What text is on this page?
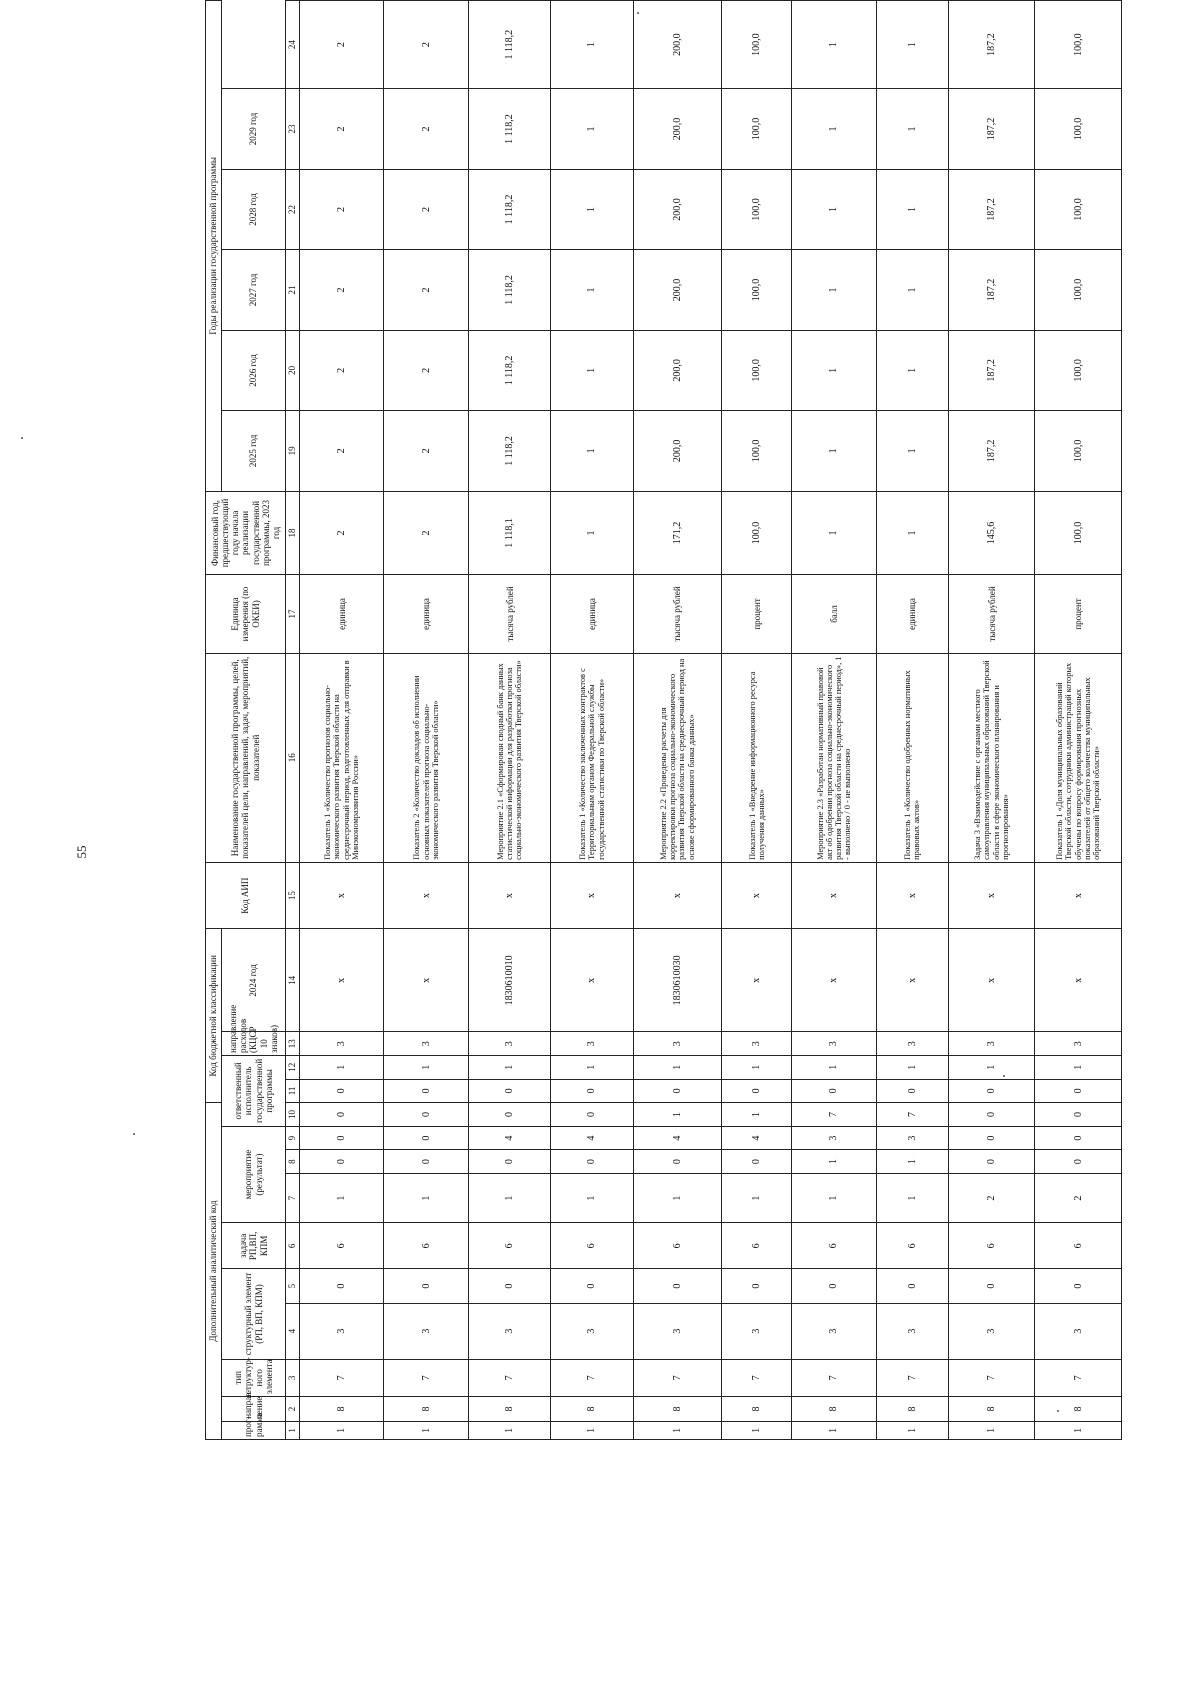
55
Дополнительный аналитический код										Код бюджетной классификации				Код АИП	Наименование государственной программы, целей, показателей цели, направлений, задач, мероприятий, показателей	Единица измерения (по ОКЕИ)	Финансовый год, предшествующий году начала реализации государственной программы, 2023 год	Годы реализации государственной программы					
прог-рамма	направ-ление	тип структур-ного элемента	структурный элемент (РП, ВП, КПМ)		задача РП,ВП, КПМ	мероприятие (результат)			ответственный исполнитель государственной программы			направление расходов (КЦСР 10 знаков)	2024 год					2025 год	2026 год	2027 год	2028 год	2029 год	

1	2	3	4	5	6	7	8	9	10	11	12	13	14	15	16	17	18	19	20	21	22	23	24
1	8	7	3	0	6	1	0	0	0	0	1	3	x	x	Показатель 1 «Количество прогнозов социально-экономического развития Тверской области на среднесрочный период, подготовленных для отправки в Минэкономразвития России»	единица	2	2	2	2	2	2	2
1	8	7	3	0	6	1	0	0	0	0	1	3	x	x	Показатель 2 «Количество докладов об исполнении основных показателей прогноза социально-экономического развития Тверской области»	единица	2	2	2	2	2	2	2
1	8	7	3	0	6	1	0	4	0	0	1	3	1830610010	x	Мероприятие 2.1 «Сформирован сводный банк данных статистической информации для разработки прогноза социально-экономического развития Тверской области»	тысяча рублей	1 118,1	1 118,2	1 118,2	1 118,2	1 118,2	1 118,2	1 118,2
1	8	7	3	0	6	1	0	4	0	0	1	3	x	x	Показатель 1 «Количество заключенных контрактов с Территориальным органом Федеральной службы государственной статистики по Тверской области»	единица	1	1	1	1	1	1	1
1	8	7	3	0	6	1	0	4	1	0	1	3	1830610030	x	Мероприятие 2.2 «Проведены расчеты для корректировки прогноза социально-экономического развития Тверской области на среднесрочный период на основе сформированного банка данных»	тысяча рублей	171,2	200,0	200,0	200,0	200,0	200,0	200,0
1	8	7	3	0	6	1	0	4	1	0	1	3	x	x	Показатель 1 «Внедрение информационного ресурса получения данных»	процент	100,0	100,0	100,0	100,0	100,0	100,0	100,0
1	8	7	3	0	6	1	1	3	7	0	1	3	x	x	Мероприятие 2.3 «Разработан нормативный правовой акт об одобрении прогноза социально-экономического развития Тверской области на среднесрочный период», 1 - выполнено / 0 - не выполнено	балл	1	1	1	1	1	1	1
1	8	7	3	0	6	1	1	3	7	0	1	3	x	x	Показатель 1 «Количество одобренных нормативных правовых актов»	единица	1	1	1	1	1	1	1
1	8	7	3	0	6	2	0	0	0	0	1	3	x	x	Задача 3 «Взаимодействие с органами местного самоуправления муниципальных образований Тверской области в сфере экономического планирования и прогнозирования»	тысяча рублей	145,6	187,2	187,2	187,2	187,2	187,2	187,2
1	8	7	3	0	6	2	0	0	0	0	1	3	x	x	Показатель 1 «Доля муниципальных образований Тверской области, сотрудники администраций которых обучены по вопросу формирования прогнозных показателей от общего количества муниципальных образований Тверской области»	процент	100,0	100,0	100,0	100,0	100,0	100,0	100,0
